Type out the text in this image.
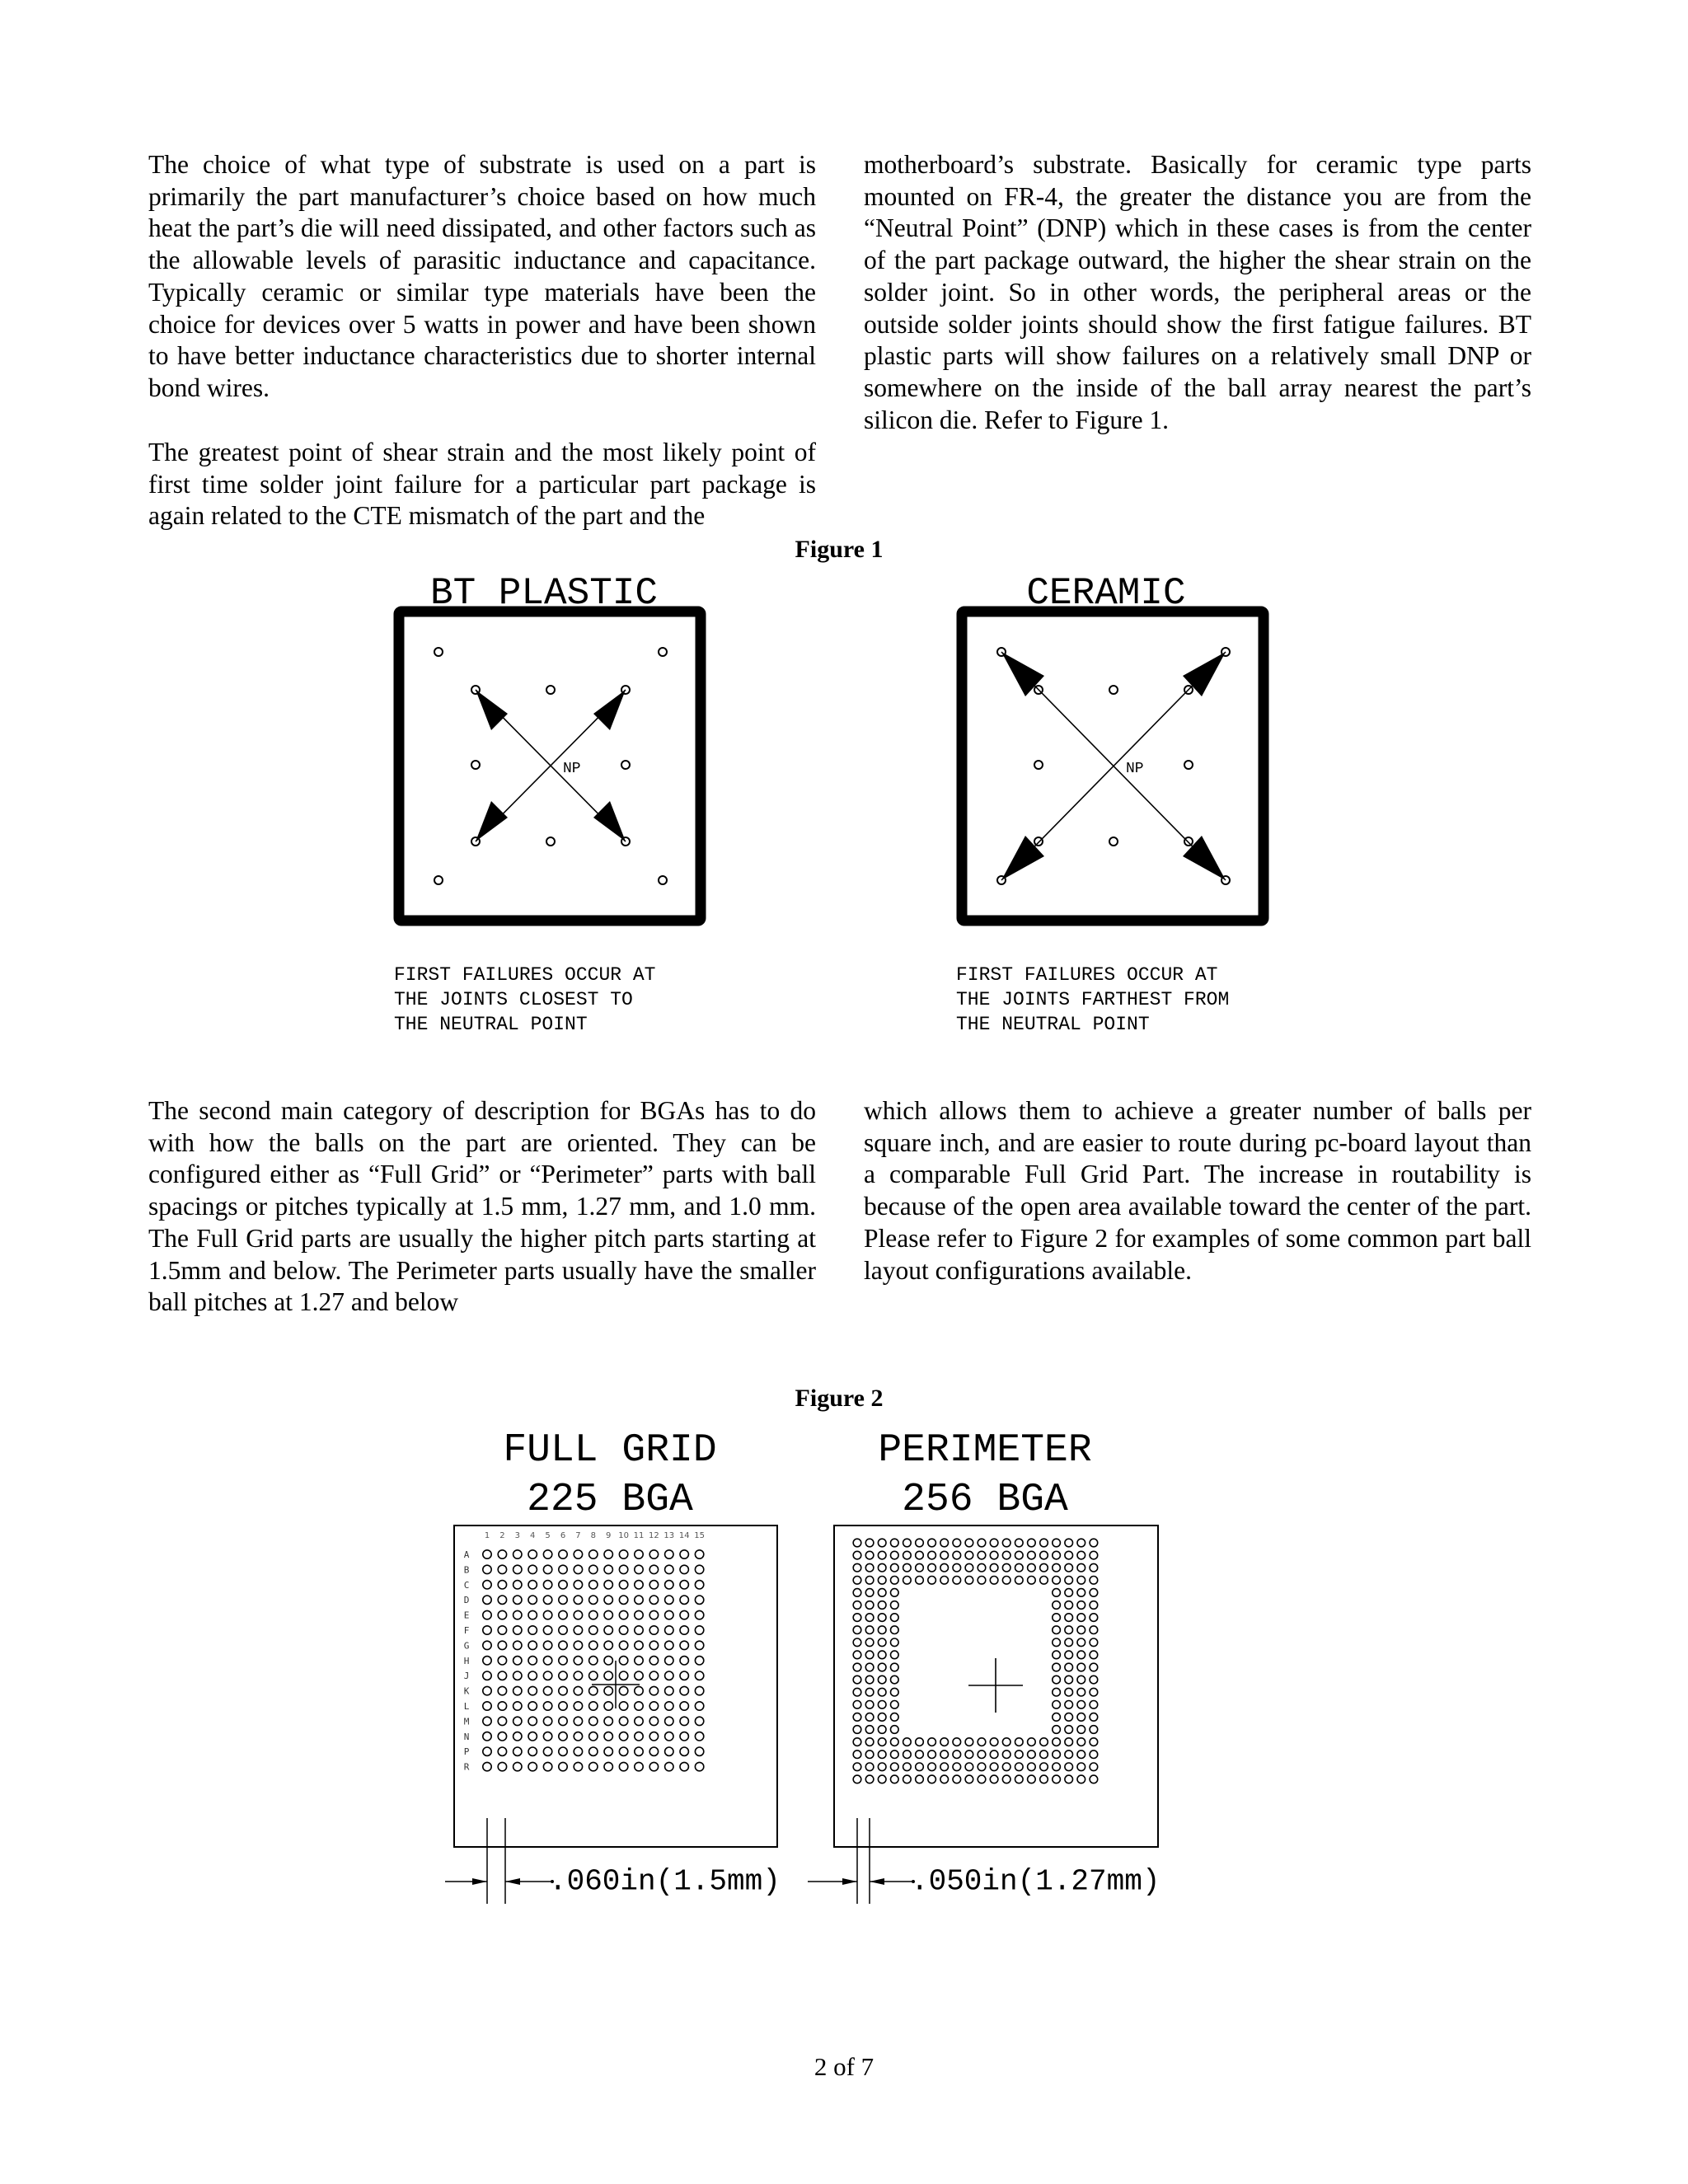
The choice of what type of substrate is used on a part is primarily the part manufacturer’s choice based on how much heat the part’s die will need dissipated, and other factors such as the allowable levels of parasitic inductance and capacitance. Typically ceramic or similar type materials have been the choice for devices over 5 watts in power and have been shown to have better inductance characteristics due to shorter internal bond wires.

The greatest point of shear strain and the most likely point of first time solder joint failure for a particular part package is again related to the CTE mismatch of the part and the

motherboard’s substrate. Basically for ceramic type parts mounted on FR-4, the greater the distance you are from the “Neutral Point” (DNP) which in these cases is from the center of the part package outward, the higher the shear strain on the solder joint. So in other words, the peripheral areas or the outside solder joints should show the first fatigue failures. BT plastic parts will show failures on a relatively small DNP or somewhere on the inside of the ball array nearest the part’s silicon die. Refer to Figure 1.

The second main category of description for BGAs has to do with how the balls on the part are oriented. They can be configured either as “Full Grid” or “Perimeter” parts with ball spacings or pitches typically at 1.5 mm, 1.27 mm, and 1.0 mm. The Full Grid parts are usually the higher pitch parts starting at 1.5mm and below. The Perimeter parts usually have the smaller ball pitches at 1.27 and below

which allows them to achieve a greater number of balls per square inch, and are easier to route during pc-board layout than a comparable Full Grid Part. The increase in routability is because of the open area available toward the center of the part. Please refer to Figure 2 for examples of some common part ball layout configurations available.

Figure 1
Figure 2
FIRST FAILURES OCCUR AT
THE JOINTS CLOSEST TO
THE NEUTRAL POINT
FIRST FAILURES OCCUR AT
THE JOINTS FARTHEST FROM
THE NEUTRAL POINT
BT PLASTIC	CERAMIC
NP	NP
FULL GRID
225 BGA
PERIMETER
256 BGA
1 2 3 4 5 6 7 8 9 10 11 12 13 14 15
A
B
C
D
E
F
G
H
J
K
L
M
N
P
R
.060in(1.5mm)	.050in(1.27mm)
2 of 7
